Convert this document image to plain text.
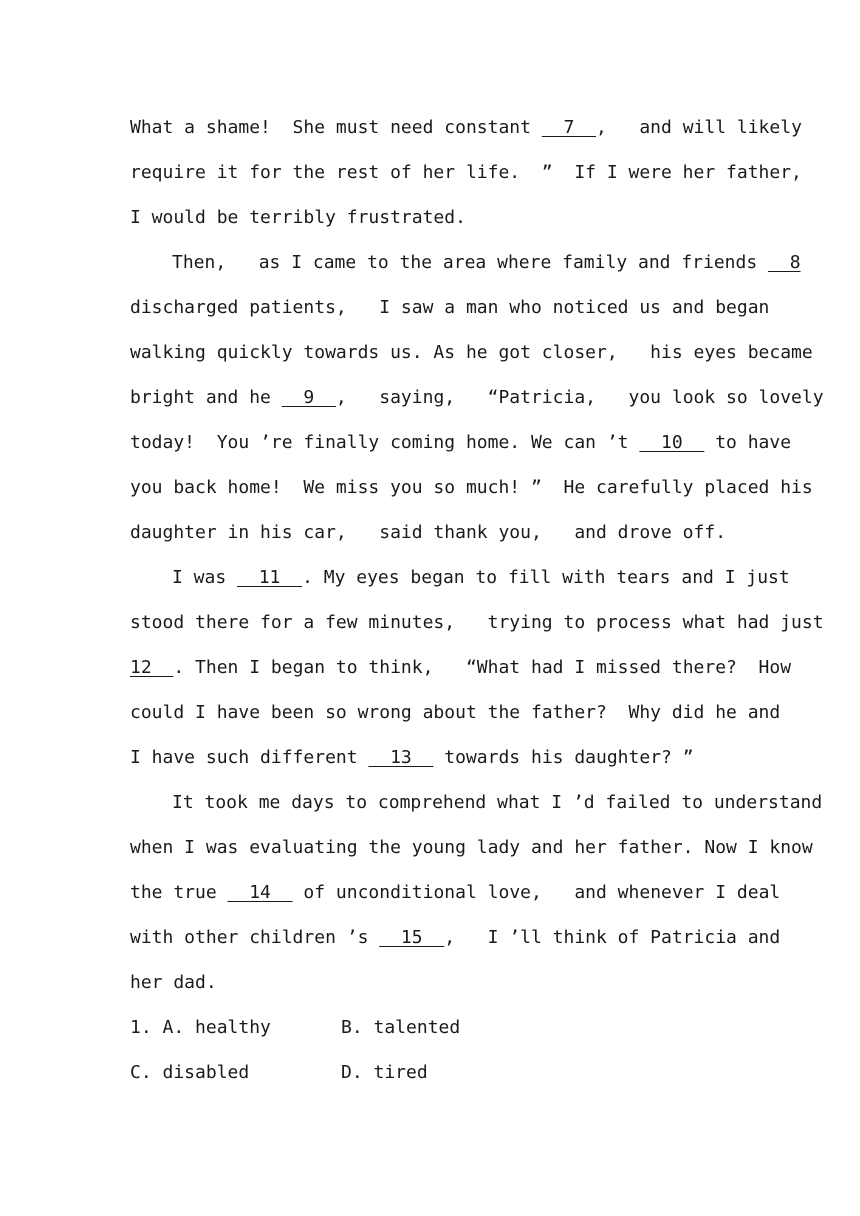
What a shame!  She must need constant 7 ,   and will likely
require it for the rest of her life.  ”  If I were her father,
I would be terribly frustrated.
Then,   as I came to the area where family and friends 8
discharged patients,   I saw a man who noticed us and began
walking quickly towards us. As he got closer,   his eyes became
bright and he 9 ,   saying,   “Patricia,   you look so lovely
today!  You ’re finally coming home. We can ’t 10 to have
you back home!  We miss you so much! ”  He carefully placed his
daughter in his car,   said thank you,   and drove off.
I was 11 . My eyes began to fill with tears and I just
stood there for a few minutes,   trying to process what had just
12 . Then I began to think,   “What had I missed there?  How
could I have been so wrong about the father?  Why did he and
I have such different 13 towards his daughter? ”
It took me days to comprehend what I ’d failed to understand
when I was evaluating the young lady and her father. Now I know
the true 14 of unconditional love,   and whenever I deal
with other children ’s 15 ,   I ’ll think of Patricia and
her dad.
1. A. healthy	B. talented
C. disabled	D. tired
